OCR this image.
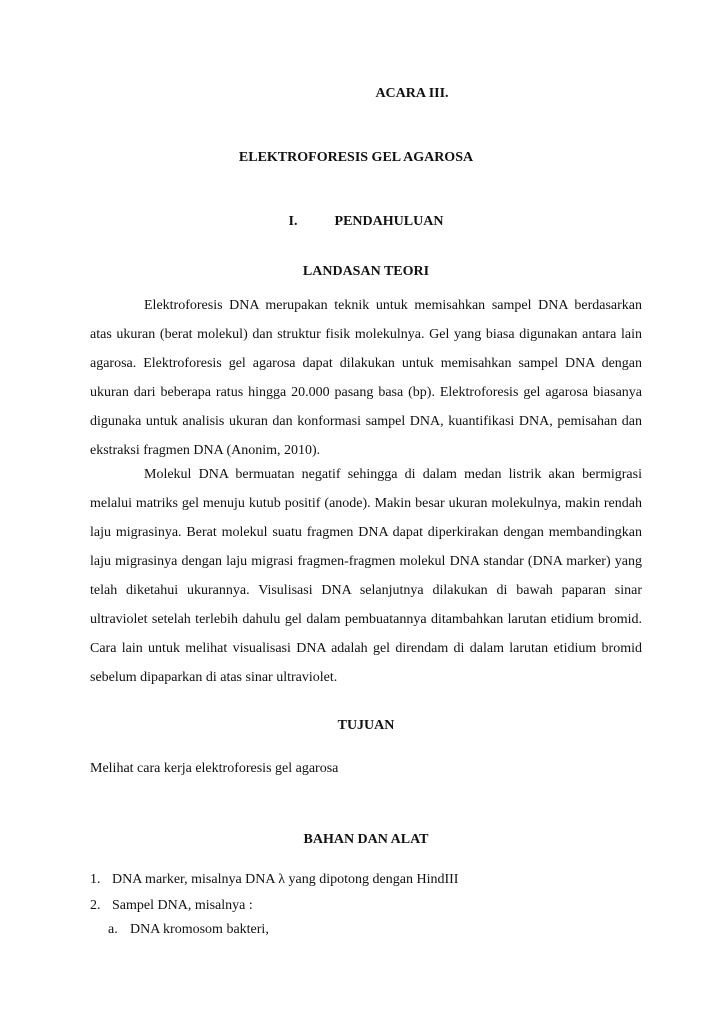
ACARA III.

ELEKTROFORESIS GEL AGAROSA

I.	PENDAHULUAN

LANDASAN TEORI

Elektroforesis DNA merupakan teknik untuk memisahkan sampel DNA berdasarkan atas ukuran (berat molekul) dan struktur fisik molekulnya. Gel yang biasa digunakan antara lain agarosa. Elektroforesis gel agarosa dapat dilakukan untuk memisahkan sampel DNA dengan ukuran dari beberapa ratus hingga 20.000 pasang basa (bp). Elektroforesis gel agarosa biasanya digunaka untuk analisis ukuran dan konformasi sampel DNA, kuantifikasi DNA, pemisahan dan ekstraksi fragmen DNA (Anonim, 2010).

Molekul DNA bermuatan negatif sehingga di dalam medan listrik akan bermigrasi melalui matriks gel menuju kutub positif (anode). Makin besar ukuran molekulnya, makin rendah laju migrasinya. Berat molekul suatu fragmen DNA dapat diperkirakan dengan membandingkan laju migrasinya dengan laju migrasi fragmen-fragmen molekul DNA standar (DNA marker) yang telah diketahui ukurannya. Visulisasi DNA selanjutnya dilakukan di bawah paparan sinar ultraviolet setelah terlebih dahulu gel dalam pembuatannya ditambahkan larutan etidium bromid. Cara lain untuk melihat visualisasi DNA adalah gel direndam di dalam larutan etidium bromid sebelum dipaparkan di atas sinar ultraviolet.

TUJUAN

Melihat cara kerja elektroforesis gel agarosa

BAHAN DAN ALAT

1. DNA marker, misalnya DNA λ yang dipotong dengan HindIII
2. Sampel DNA, misalnya :
a. DNA kromosom bakteri,
